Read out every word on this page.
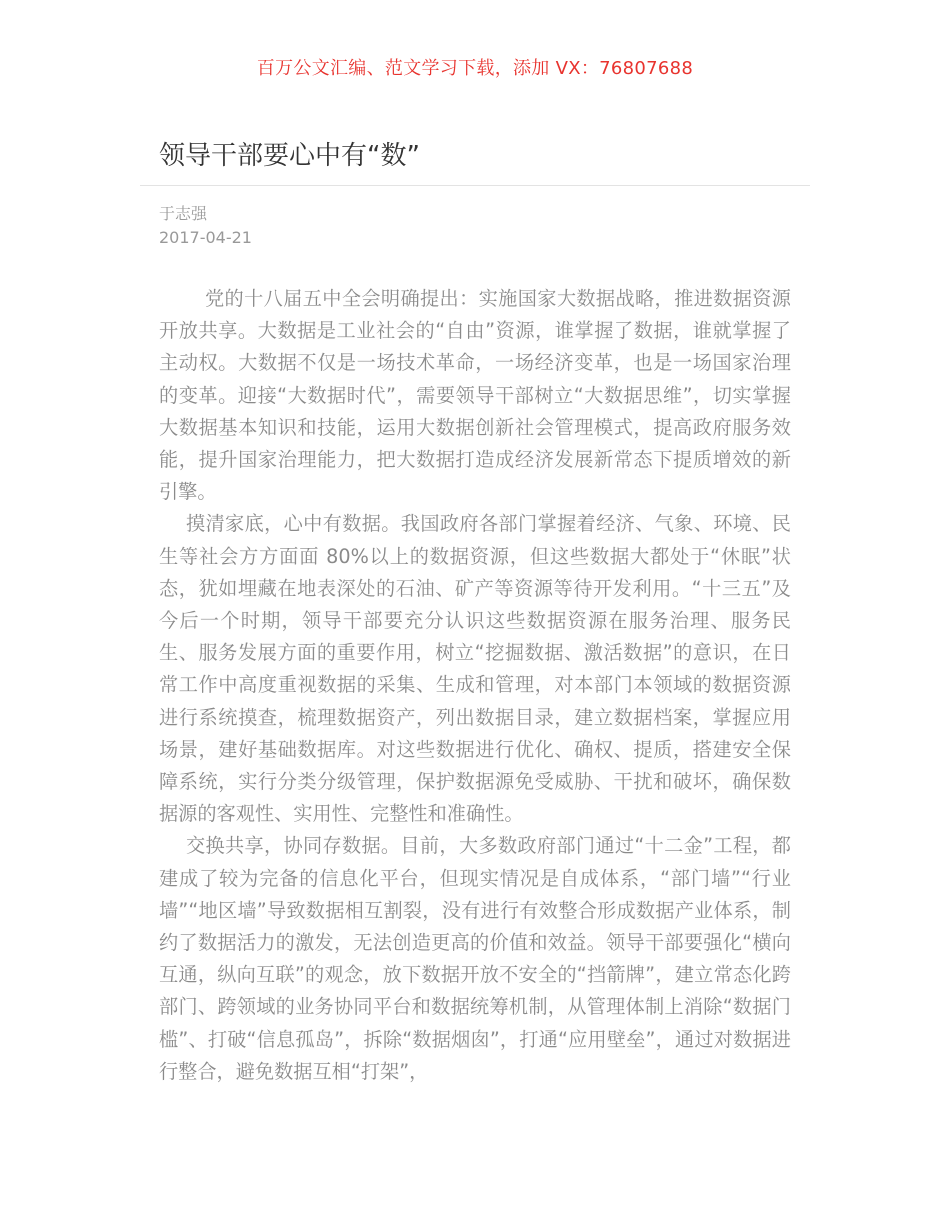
百万公文汇编、范文学习下载，添加 VX：76807688
领导干部要心中有“数”
于志强
2017-04-21

党的十八届五中全会明确提出：实施国家大数据战略，推进数据资源开放共享。大数据是工业社会的“自由”资源，谁掌握了数据，谁就掌握了主动权。大数据不仅是一场技术革命，一场经济变革，也是一场国家治理的变革。迎接“大数据时代”，需要领导干部树立“大数据思维”，切实掌握大数据基本知识和技能，运用大数据创新社会管理模式，提高政府服务效能，提升国家治理能力，把大数据打造成经济发展新常态下提质增效的新引擎。

摸清家底，心中有数据。我国政府各部门掌握着经济、气象、环境、民生等社会方方面面 80%以上的数据资源，但这些数据大都处于“休眠”状态，犹如埋藏在地表深处的石油、矿产等资源等待开发利用。“十三五”及今后一个时期，领导干部要充分认识这些数据资源在服务治理、服务民生、服务发展方面的重要作用，树立“挖掘数据、激活数据”的意识，在日常工作中高度重视数据的采集、生成和管理，对本部门本领域的数据资源进行系统摸查，梳理数据资产，列出数据目录，建立数据档案，掌握应用场景，建好基础数据库。对这些数据进行优化、确权、提质，搭建安全保障系统，实行分类分级管理，保护数据源免受威胁、干扰和破坏，确保数据源的客观性、实用性、完整性和准确性。

交换共享，协同存数据。目前，大多数政府部门通过“十二金”工程，都建成了较为完备的信息化平台，但现实情况是自成体系，“部门墙”“行业墙”“地区墙”导致数据相互割裂，没有进行有效整合形成数据产业体系，制约了数据活力的激发，无法创造更高的价值和效益。领导干部要强化“横向互通，纵向互联”的观念，放下数据开放不安全的“挡箭牌”，建立常态化跨部门、跨领域的业务协同平台和数据统筹机制，从管理体制上消除“数据门槛”、打破“信息孤岛”，拆除“数据烟囱”，打通“应用壁垒”，通过对数据进行整合，避免数据互相“打架”，
